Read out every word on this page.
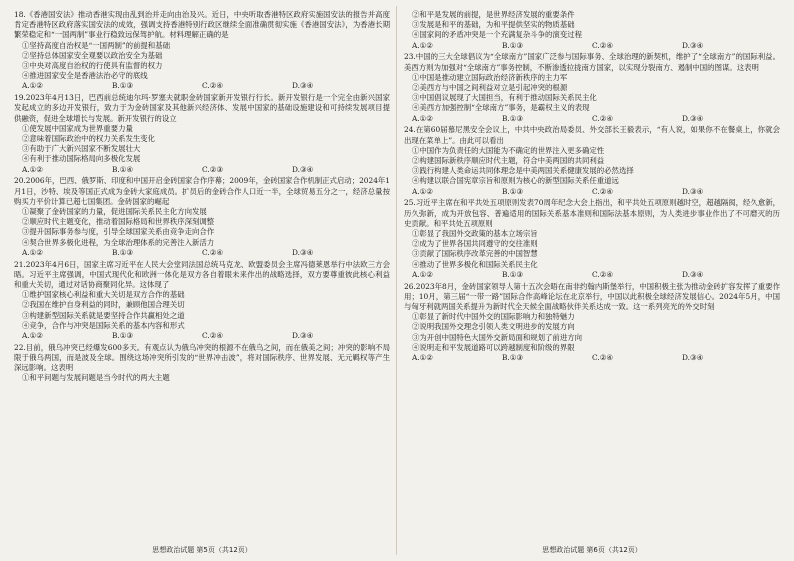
18.《香港国安法》推动香港实现由乱到治并走向由治及兴。近日，中央听取香港特区政府实施国安法的报告并高度肯定香港特区政府落实国安法的成效，强调支持香港特别行政区继续全面准确贯彻实施《香港国安法》，为香港长期繁荣稳定和“一国两制”事业行稳致远保驾护航。材料理解正确的是
①坚持高度自治权是“一国两制”的前提和基础
②坚持总体国家安全观要以政治安全为基础
③中央对高度自治权的行使具有监督的权力
④推进国家安全是香港法治必守的底线
A.①②	B.①③	C.②④	D.③④
19.2023年4月13日，巴西前总统迪尔玛·罗塞夫就职金砖国家新开发银行行长。新开发银行是一个完全由新兴国家发起成立的多边开发银行，致力于为金砖国家及其他新兴经济体、发展中国家的基础设施建设和可持续发展项目提供融资，促进全球增长与发展。新开发银行的设立
①使发展中国家成为世界重要力量
②意味着国际政治中的权力关系发生变化
③有助于广大新兴国家不断发展壮大
④有利于推动国际格局向多极化发展
A.①②	B.①④	C.②③	D.③④
20.2006年，巴西、俄罗斯、印度和中国开启金砖国家合作序幕；2009年，金砖国家合作机制正式启动；2024年1月1日，沙特、埃及等国正式成为金砖大家庭成员。扩员后的金砖合作人口近一半，全球贸易五分之一，经济总量按购买力平价计算已超七国集团。金砖国家的崛起
①凝聚了金砖国家的力量，促进国际关系民主化方向发展
②顺应时代主题变化，推动着国际格局和世界秩序深刻调整
③提升国际事务参与度，引导全球国家关系由竞争走向合作
④契合世界多极化进程，为全球治理体系的完善注入新活力
A.①②	B.①③	C.②④	D.③④
21.2023年4月6日，国家主席习近平在人民大会堂同法国总统马克龙、欧盟委员会主席冯德莱恩举行中法欧三方会晤。习近平主席强调，中国式现代化和欧洲一体化是双方各自着眼未来作出的战略选择，双方要尊重彼此核心利益和重大关切，通过对话协商聚同化异。这体现了
①维护国家核心利益和重大关切是双方合作的基础
②我国在维护自身利益的同时，兼顾他国合理关切
③构建新型国际关系就是要坚持合作共赢相处之道
④竞争，合作与冲突是国际关系的基本内容和形式
A.①②	B.①③	C.②④	D.③④
22.目前，俄乌冲突已经爆发600多天。有观点认为俄乌冲突的根源不在俄乌之间，而在俄美之间；冲突的影响不局限于俄乌两国，而是波及全球。围绕这场冲突所引发的“世界冲击波”，将对国际秩序、世界发展、无元羁权等产生深远影响。这表明
①和平问题与发展问题是当今时代的两大主题
思想政治试题 第5页（共12页）
②和平是发展的前提，是世界经济发展的重要条件
③发展是和平的基础，为和平提供坚实的物质基础
④国家间的矛盾冲突是一个充满复杂斗争的演变过程
A.①②	B.①③	C.②④	D.③④
23.中国的三大全球倡议为“全球南方”国家广泛参与国际事务、全球治理的新契机，维护了“全球南方”的国际利益。美西方则为加强对“全球南方”事务控制，不断渗透拉拢南方国家，以实现分裂南方、遏制中国的图谋。这表明
①中国是推动建立国际政治经济新秩序的主力军
②美西方与中国之间利益对立是引起冲突的根源
③中国倡议展现了大国担当，有利于推动国际关系民主化
④美西方加强控制“全球南方”事务，是霸权主义的表现
A.①②	B.①③	C.②④	D.③④
24.在第60届慕尼黑安全会议上，中共中央政治局委员、外交部长王毅表示，“有人说，如果你不在餐桌上，你就会出现在菜单上”。由此可以看出
①中国作为负责任的大国能为不确定的世界注入更多确定性
②构建国际新秩序顺应时代主题，符合中美两国的共同利益
③践行构建人类命运共同体理念是中美两国关系健康发展的必然选择
④构建以联合国宪章宗旨和原则为核心的新型国际关系任重道远
A.①②	B.①③	C.②④	D.③④
25.习近平主席在和平共处五项原则发表70周年纪念大会上指出，和平共处五项原则越时空，超越隔阂，经久愈新，历久弥新，成为开放包容、普遍适用的国际关系基本准则和国际法基本原则，为人类进步事业作出了不可磨灭的历史贡献。和平共处五项原则
①彰显了我国外交政策的基本立场宗旨
②成为了世界各国共同遵守的交往准则
③贡献了国际秩序改革完善的中国智慧
④推动了世界多极化和国际关系民主化
A.①②	B.①③	C.②④	D.③④
26.2023年8月，金砖国家领导人第十五次会晤在南非约翰内斯堡举行，中国积极主张为推动金砖扩容发挥了重要作用；10月，第三届“一带一路”国际合作高峰论坛在北京举行，中国以此积极全球经济发展信心。2024年5月，中国与匈牙利就两国关系提升为新时代全天候全面战略伙伴关系达成一致。这一系列亮光的外交时刻
①彰显了新时代中国外交的国际影响力和独特魅力
②说明我国外交理念引领人类文明进步的发展方向
③为开创中国特色大国外交新局面和规划了前进方向
④说明走和平发展道路可以跨越制度和阶级的界限
A.①②	B.①③	C.②④	D.③④
思想政治试题 第6页（共12页）
